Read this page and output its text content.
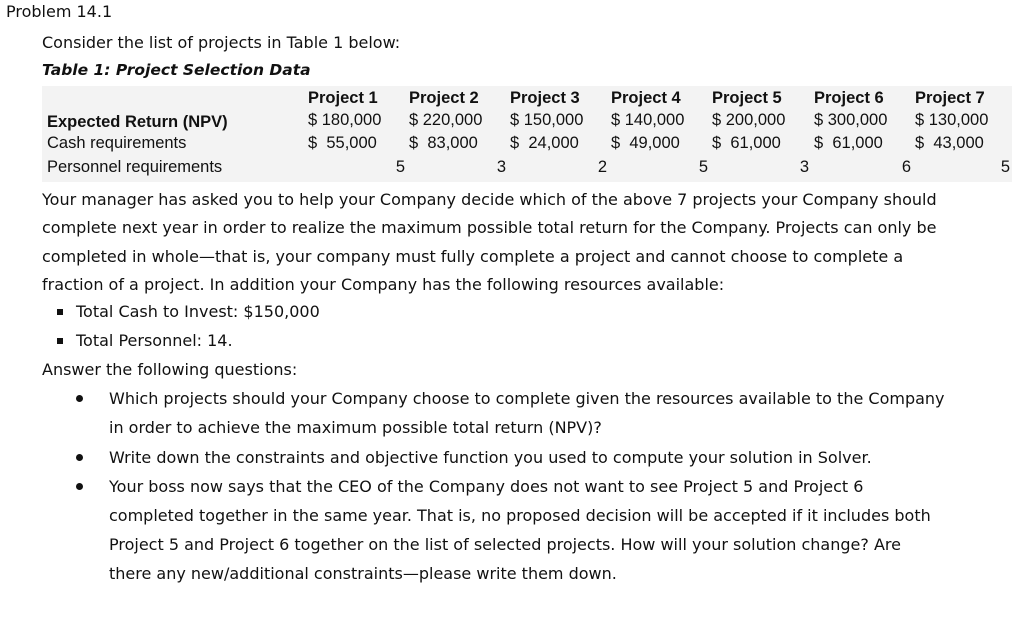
Problem 14.1
Consider the list of projects in Table 1 below:
Table 1: Project Selection Data
Project 1 Project 2 Project 3 Project 4 Project 5 Project 6 Project 7
Expected Return (NPV)	$ 180,000 $ 220,000 $ 150,000 $ 140,000 $ 200,000 $ 300,000 $ 130,000
Cash requirements	$  55,000 $  83,000 $  24,000 $  49,000 $  61,000 $  61,000 $  43,000
Personnel requirements	5	3	2	5	3	6	5
Your manager has asked you to help your Company decide which of the above 7 projects your Company should
complete next year in order to realize the maximum possible total return for the Company. Projects can only be
completed in whole—that is, your company must fully complete a project and cannot choose to complete a
fraction of a project. In addition your Company has the following resources available:
Total Cash to Invest: $150,000
Total Personnel: 14.
Answer the following questions:
Which projects should your Company choose to complete given the resources available to the Company
in order to achieve the maximum possible total return (NPV)?
Write down the constraints and objective function you used to compute your solution in Solver.
Your boss now says that the CEO of the Company does not want to see Project 5 and Project 6
completed together in the same year. That is, no proposed decision will be accepted if it includes both
Project 5 and Project 6 together on the list of selected projects. How will your solution change? Are
there any new/additional constraints—please write them down.
